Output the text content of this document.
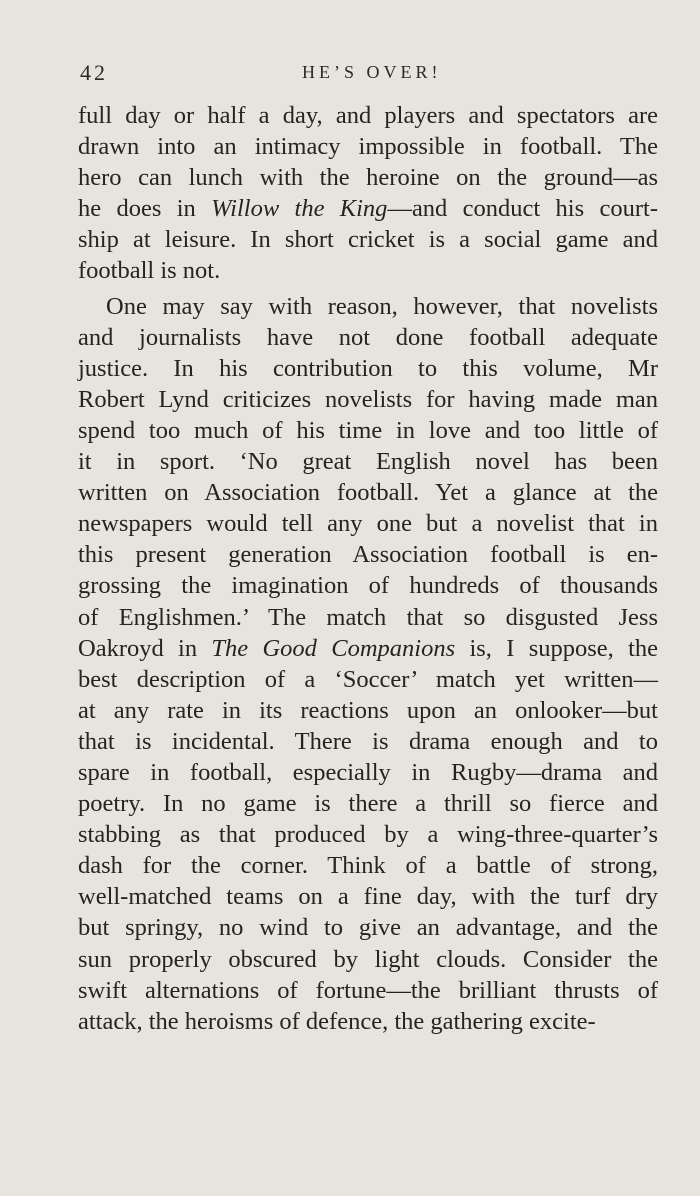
42	HE’S OVER!
full day or half a day, and players and spectators are
drawn into an intimacy impossible in football. The
hero can lunch with the heroine on the ground—as
he does in Willow the King—and conduct his court-
ship at leisure. In short cricket is a social game and
football is not.
One may say with reason, however, that novelists
and journalists have not done football adequate
justice. In his contribution to this volume, Mr
Robert Lynd criticizes novelists for having made man
spend too much of his time in love and too little of
it in sport. ‘No great English novel has been
written on Association football. Yet a glance at the
newspapers would tell any one but a novelist that in
this present generation Association football is en-
grossing the imagination of hundreds of thousands
of Englishmen.’ The match that so disgusted Jess
Oakroyd in The Good Companions is, I suppose, the
best description of a ‘Soccer’ match yet written—
at any rate in its reactions upon an onlooker—but
that is incidental. There is drama enough and to
spare in football, especially in Rugby—drama and
poetry. In no game is there a thrill so fierce and
stabbing as that produced by a wing-three-quarter’s
dash for the corner. Think of a battle of strong,
well-matched teams on a fine day, with the turf dry
but springy, no wind to give an advantage, and the
sun properly obscured by light clouds. Consider the
swift alternations of fortune—the brilliant thrusts of
attack, the heroisms of defence, the gathering excite-
